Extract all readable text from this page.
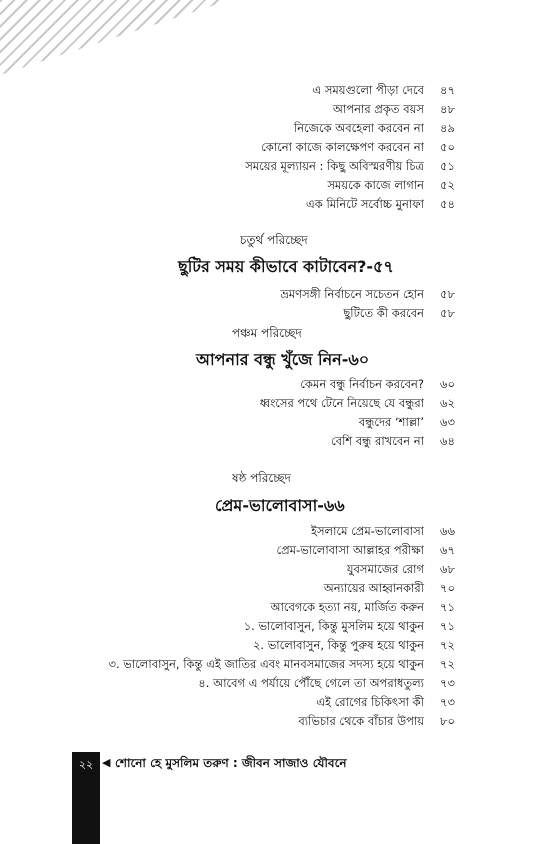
এ সময়গুলো পীড়া দেবে ৪৭
আপনার প্রকৃত বয়স ৪৮
নিজেকে অবহেলা করবেন না ৪৯
কোনো কাজে কালক্ষেপণ করবেন না ৫০
সময়ের মূল্যায়ন : কিছু অবিস্মরণীয় চিত্র ৫১
সময়কে কাজে লাগান ৫২
এক মিনিটে সর্বোচ্চ মুনাফা ৫৪
চতুর্থ পরিচ্ছেদ
ছুটির সময় কীভাবে কাটাবেন?-৫৭
ভ্রমণসঙ্গী নির্বাচনে সচেতন হোন ৫৮
ছুটিতে কী করবেন ৫৮
পঞ্চম পরিচ্ছেদ
আপনার বন্ধু খুঁজে নিন-৬০
কেমন বন্ধু নির্বাচন করবেন? ৬০
ধ্বংসের পথে টেনে নিয়েছে যে বন্ধুরা ৬২
বন্ধুদের ‘শাল্লা’ ৬৩
বেশি বন্ধু রাখবেন না ৬৪
ষষ্ঠ পরিচ্ছেদ
প্রেম-ভালোবাসা-৬৬
ইসলামে প্রেম-ভালোবাসা ৬৬
প্রেম-ভালোবাসা আল্লাহর পরীক্ষা ৬৭
যুবসমাজের রোগ ৬৮
অন্যায়ের আহ্বানকারী ৭০
আবেগকে হত্যা নয়, মার্জিত করুন ৭১
১. ভালোবাসুন, কিন্তু মুসলিম হয়ে থাকুন ৭১
২. ভালোবাসুন, কিন্তু পুরুষ হয়ে থাকুন ৭২
৩. ভালোবাসুন, কিন্তু এই জাতির এবং মানবসমাজের সদস্য হয়ে থাকুন ৭২
৪. আবেগ এ পর্যায়ে পৌঁছে গেলে তা অপরাধতুল্য ৭৩
এই রোগের চিকিৎসা কী ৭৩
ব্যভিচার থেকে বাঁচার উপায় ৮০
২২ ◀ শোনো হে মুসলিম তরুণ : জীবন সাজাও যৌবনে
